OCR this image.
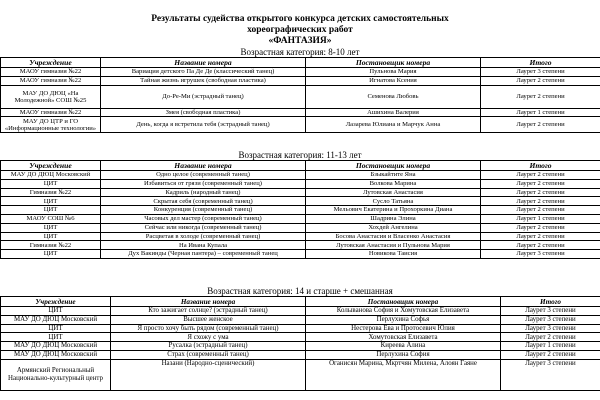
Результаты судейства открытого конкурса детских самостоятельных
хореографических работ
«ФАНТАЗИЯ»
Возрастная категория: 8-10 лет
Учреждение	Название номера	Постановщик номера	Итого
МАОУ гимназия №22	Вариация детского Па Де Де (классический танец)	Пульнова Мария	Лаурет 3 степени
МАОУ гимназия №22	Тайная жизнь игрушек (свободная пластика)	Игнатова Ксения	Лаурет 2 степени
МАУ ДО ДЮЦ «На Молодежной» СОШ №25	До-Ре-Ми (эстрадный танец)	Семенова Любовь	Лаурет 2 степени
МАОУ гимназия №22	Змея (свободная пластика)	Ашихина Валерия	Лаурет 1 степени
МАУ ДО ЦТР и ГО «Информационные технологии»	День, когда я встретила тебя (эстрадный танец)	Лазарева Юлиана и Марчук Анна	Лаурет 2 степени
Возрастная категория: 11-13 лет
Учреждение	Название номера	Постановщик номера	Итого
МАУ ДО ДЮЦ Московский	Одно целое (современный танец)	Бзыкайтите Яна	Лаурет 2 степени
ЦИТ	Избавиться от грязи (современный танец)	Волкова Марина	Лаурет 2 степени
Гимназия №22	Кадриль (народный танец)	Лутовская Анастасия	Лаурет 2 степени
ЦИТ	Скрытая себя (современный танец)	Сусло Татьяна	Лаурет 2 степени
ЦИТ	Конкуренция (современный танец)	Мельович Екатерина и Прохоркина Диана	Лаурет 2 степени
МАОУ СОШ №6	Часовых дел мастер (современный танец)	Шадрина Элина	Лаурет 1 степени
ЦИТ	Сейчас или никогда (современный танец)	Хохдей Ангелина	Лаурет 2 степени
ЦИТ	Расцветая в холоде (современный танец)	Босова Анастасия и Власенко Анастасия	Лаурет 2 степени
Гимназия №22	На Ивана Купала	Лутовская Анастасия и Пульнова Мария	Лаурет 2 степени
ЦИТ	Дух Вакинды (Черная пантера) – современный танец	Новикова Таисия	Лаурет 3 степени
Возрастная категория: 14 и старше + смешанная
Учреждение	Название номера	Постановщик номера	Итого
ЦИТ	Кто зажигает солнце? (эстрадный танец)	Колыванова София и Хомутовская Елизавета	Лаурет 3 степени
МАУ ДО ДЮЦ Московский	Высшее женское	Перлухина Софья	Лаурет 3 степени
ЦИТ	Я просто хочу быть рядом (современный танец)	Нестерова Ева и Протосевич Юлия	Лаурет 3 степени
ЦИТ	Я схожу с ума	Хомутовская Елизавета	Лаурет 2 степени
МАУ ДО ДЮЦ Московский	Русалка (эстрадный танец)	Киреева Алина	Лаурет 1 степени
МАУ ДО ДЮЦ Московский	Страх (современный танец)	Перлухина София	Лаурет 2 степени
Армянский Региональный Национально-культурный центр	Назани (Народно-сценический)	Оганисян Марина, Мкртчян Милена, Алоян Гаяне	Лаурет 3 степени
